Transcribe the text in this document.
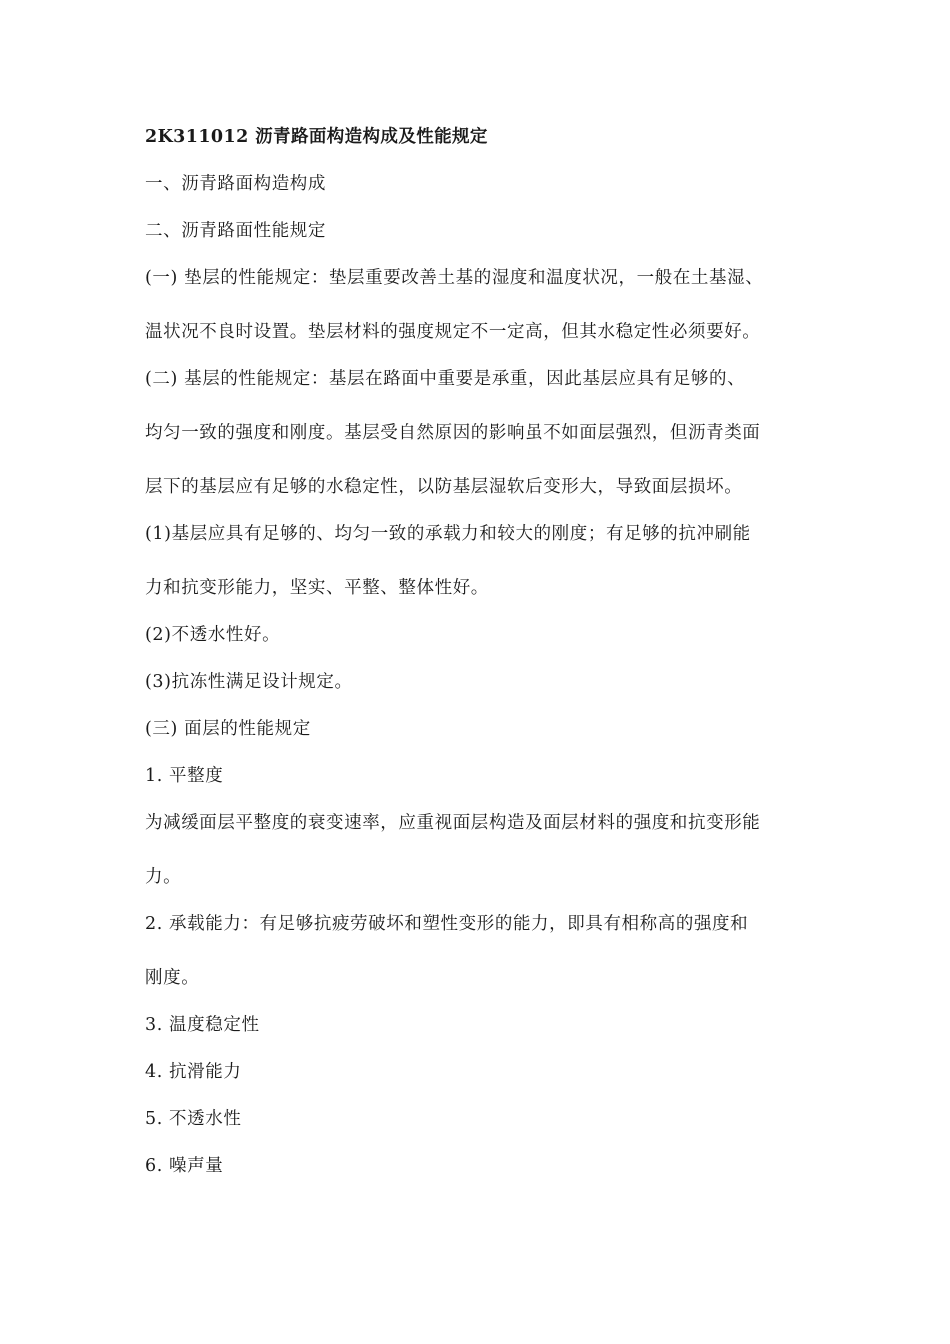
2K311012 沥青路面构造构成及性能规定
一、沥青路面构造构成
二、沥青路面性能规定
(一) 垫层的性能规定：垫层重要改善土基的湿度和温度状况，一般在土基湿、
温状况不良时设置。垫层材料的强度规定不一定高，但其水稳定性必须要好。
(二) 基层的性能规定：基层在路面中重要是承重，因此基层应具有足够的、
均匀一致的强度和刚度。基层受自然原因的影响虽不如面层强烈，但沥青类面
层下的基层应有足够的水稳定性，以防基层湿软后变形大，导致面层损坏。
(1)基层应具有足够的、均匀一致的承载力和较大的刚度；有足够的抗冲刷能
力和抗变形能力，坚实、平整、整体性好。
(2)不透水性好。
(3)抗冻性满足设计规定。
(三) 面层的性能规定
1. 平整度
为减缓面层平整度的衰变速率，应重视面层构造及面层材料的强度和抗变形能
力。
2. 承载能力：有足够抗疲劳破坏和塑性变形的能力，即具有相称高的强度和
刚度。
3. 温度稳定性
4. 抗滑能力
5. 不透水性
6. 噪声量
